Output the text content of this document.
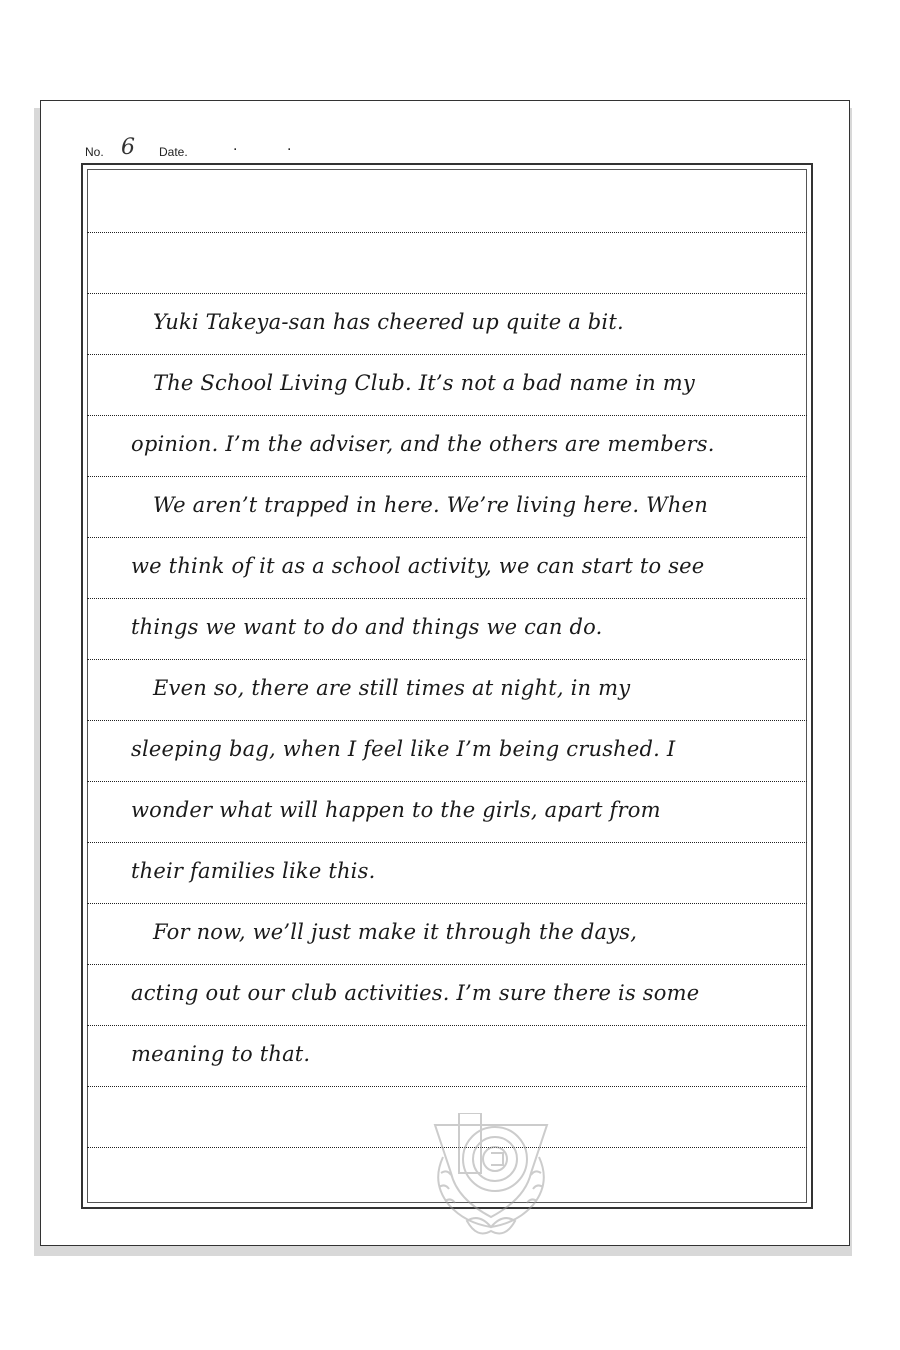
No. 6 Date.	.	.
Yuki Takeya-san has cheered up quite a bit.
The School Living Club. It’s not a bad name in my
opinion. I’m the adviser, and the others are members.
We aren’t trapped in here. We’re living here. When
we think of it as a school activity, we can start to see
things we want to do and things we can do.
Even so, there are still times at night, in my
sleeping bag, when I feel like I’m being crushed. I
wonder what will happen to the girls, apart from
their families like this.
For now, we’ll just make it through the days,
acting out our club activities. I’m sure there is some
meaning to that.
